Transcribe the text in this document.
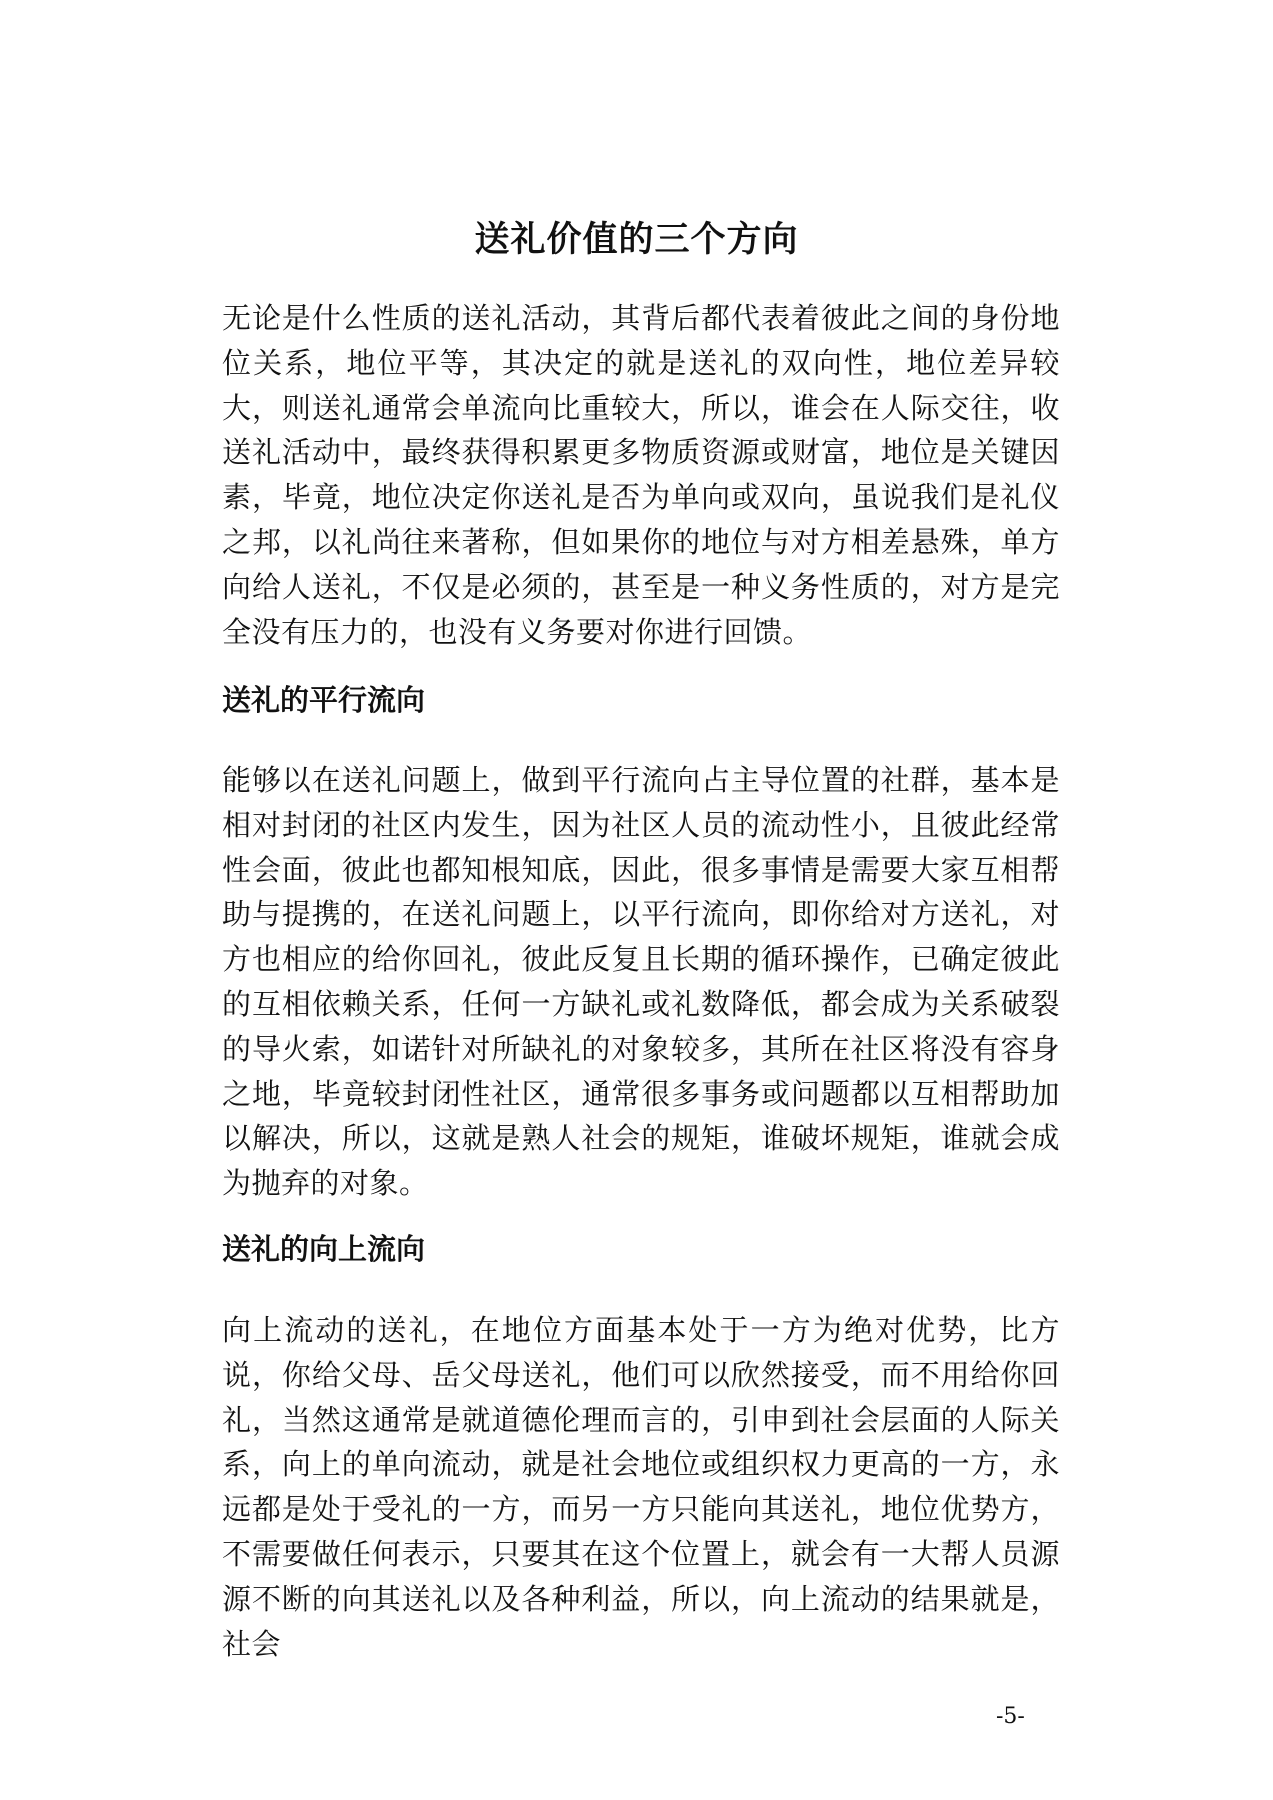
送礼价值的三个方向

无论是什么性质的送礼活动，其背后都代表着彼此之间的身份地位关系，地位平等，其决定的就是送礼的双向性，地位差异较大，则送礼通常会单流向比重较大，所以，谁会在人际交往，收送礼活动中，最终获得积累更多物质资源或财富，地位是关键因素，毕竟，地位决定你送礼是否为单向或双向，虽说我们是礼仪之邦，以礼尚往来著称，但如果你的地位与对方相差悬殊，单方向给人送礼，不仅是必须的，甚至是一种义务性质的，对方是完全没有压力的，也没有义务要对你进行回馈。

送礼的平行流向

能够以在送礼问题上，做到平行流向占主导位置的社群，基本是相对封闭的社区内发生，因为社区人员的流动性小，且彼此经常性会面，彼此也都知根知底，因此，很多事情是需要大家互相帮助与提携的，在送礼问题上，以平行流向，即你给对方送礼，对方也相应的给你回礼，彼此反复且长期的循环操作，已确定彼此的互相依赖关系，任何一方缺礼或礼数降低，都会成为关系破裂的导火索，如诺针对所缺礼的对象较多，其所在社区将没有容身之地，毕竟较封闭性社区，通常很多事务或问题都以互相帮助加以解决，所以，这就是熟人社会的规矩，谁破坏规矩，谁就会成为抛弃的对象。

送礼的向上流向

向上流动的送礼，在地位方面基本处于一方为绝对优势，比方说，你给父母、岳父母送礼，他们可以欣然接受，而不用给你回礼，当然这通常是就道德伦理而言的，引申到社会层面的人际关系，向上的单向流动，就是社会地位或组织权力更高的一方，永远都是处于受礼的一方，而另一方只能向其送礼，地位优势方，不需要做任何表示，只要其在这个位置上，就会有一大帮人员源源不断的向其送礼以及各种利益，所以，向上流动的结果就是，社会

-5-
